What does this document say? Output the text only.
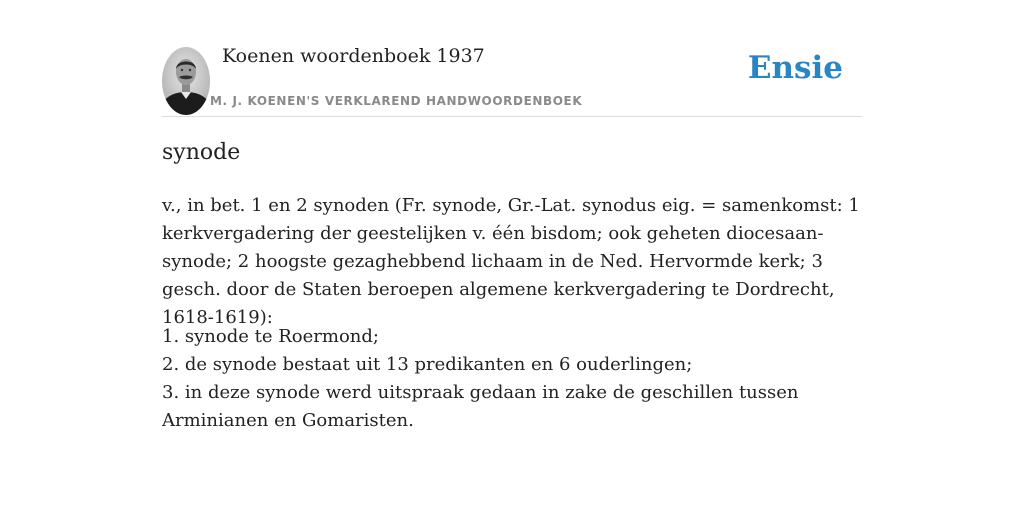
Koenen woordenboek 1937
M. J. KOENEN'S VERKLAREND HANDWOORDENBOEK
Ensie
synode

v., in bet. 1 en 2 synoden (Fr. synode, Gr.-Lat. synodus eig. = samenkomst: 1 kerkvergadering der geestelijken v. één bisdom; ook geheten diocesaan-synode; 2 hoogste gezaghebbend lichaam in de Ned. Hervormde kerk; 3 gesch. door de Staten beroepen algemene kerkvergadering te Dordrecht, 1618-1619):

1. synode te Roermond;
2. de synode bestaat uit 13 predikanten en 6 ouderlingen;
3. in deze synode werd uitspraak gedaan in zake de geschillen tussen Arminianen en Gomaristen.
